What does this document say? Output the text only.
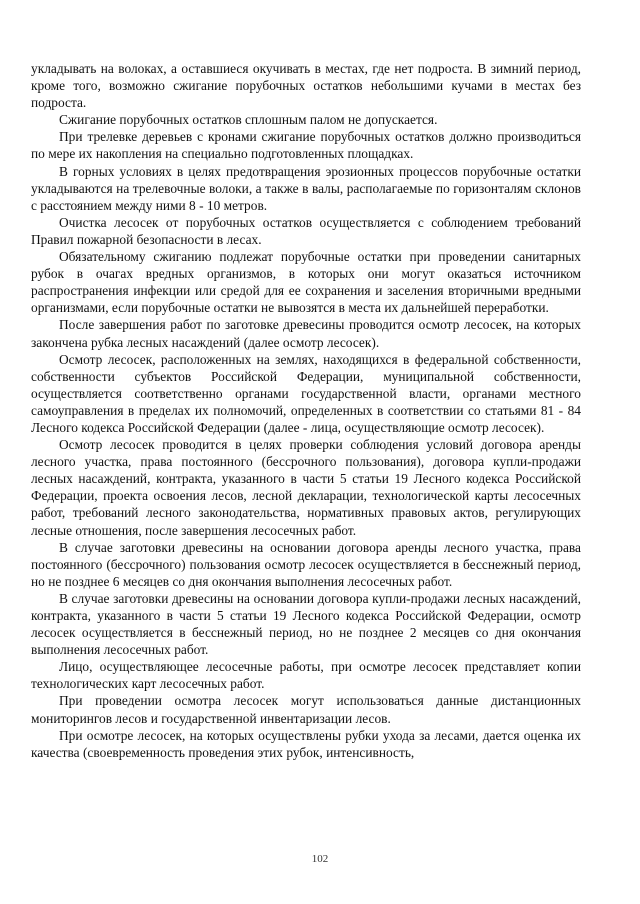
укладывать на волоках, а оставшиеся окучивать в местах, где нет подроста. В зимний период, кроме того, возможно сжигание порубочных остатков небольшими кучами в местах без подроста.

Сжигание порубочных остатков сплошным палом не допускается.

При трелевке деревьев с кронами сжигание порубочных остатков должно производиться по мере их накопления на специально подготовленных площадках.

В горных условиях в целях предотвращения эрозионных процессов порубочные остатки укладываются на трелевочные волоки, а также в валы, располагаемые по горизонталям склонов с расстоянием между ними 8 - 10 метров.

Очистка лесосек от порубочных остатков осуществляется с соблюдением требований Правил пожарной безопасности в лесах.

Обязательному сжиганию подлежат порубочные остатки при проведении санитарных рубок в очагах вредных организмов, в которых они могут оказаться источником распространения инфекции или средой для ее сохранения и заселения вторичными вредными организмами, если порубочные остатки не вывозятся в места их дальнейшей переработки.

После завершения работ по заготовке древесины проводится осмотр лесосек, на которых закончена рубка лесных насаждений (далее осмотр лесосек).

Осмотр лесосек, расположенных на землях, находящихся в федеральной собственности, собственности субъектов Российской Федерации, муниципальной собственности, осуществляется соответственно органами государственной власти, органами местного самоуправления в пределах их полномочий, определенных в соответствии со статьями 81 - 84 Лесного кодекса Российской Федерации (далее - лица, осуществляющие осмотр лесосек).

Осмотр лесосек проводится в целях проверки соблюдения условий договора аренды лесного участка, права постоянного (бессрочного пользования), договора купли-продажи лесных насаждений, контракта, указанного в части 5 статьи 19 Лесного кодекса Российской Федерации, проекта освоения лесов, лесной декларации, технологической карты лесосечных работ, требований лесного законодательства, нормативных правовых актов, регулирующих лесные отношения, после завершения лесосечных работ.

В случае заготовки древесины на основании договора аренды лесного участка, права постоянного (бессрочного) пользования осмотр лесосек осуществляется в бесснежный период, но не позднее 6 месяцев со дня окончания выполнения лесосечных работ.

В случае заготовки древесины на основании договора купли-продажи лесных насаждений, контракта, указанного в части 5 статьи 19 Лесного кодекса Российской Федерации, осмотр лесосек осуществляется в бесснежный период, но не позднее 2 месяцев со дня окончания выполнения лесосечных работ.

Лицо, осуществляющее лесосечные работы, при осмотре лесосек представляет копии технологических карт лесосечных работ.

При проведении осмотра лесосек могут использоваться данные дистанционных мониторингов лесов и государственной инвентаризации лесов.

При осмотре лесосек, на которых осуществлены рубки ухода за лесами, дается оценка их качества (своевременность проведения этих рубок, интенсивность,

102
